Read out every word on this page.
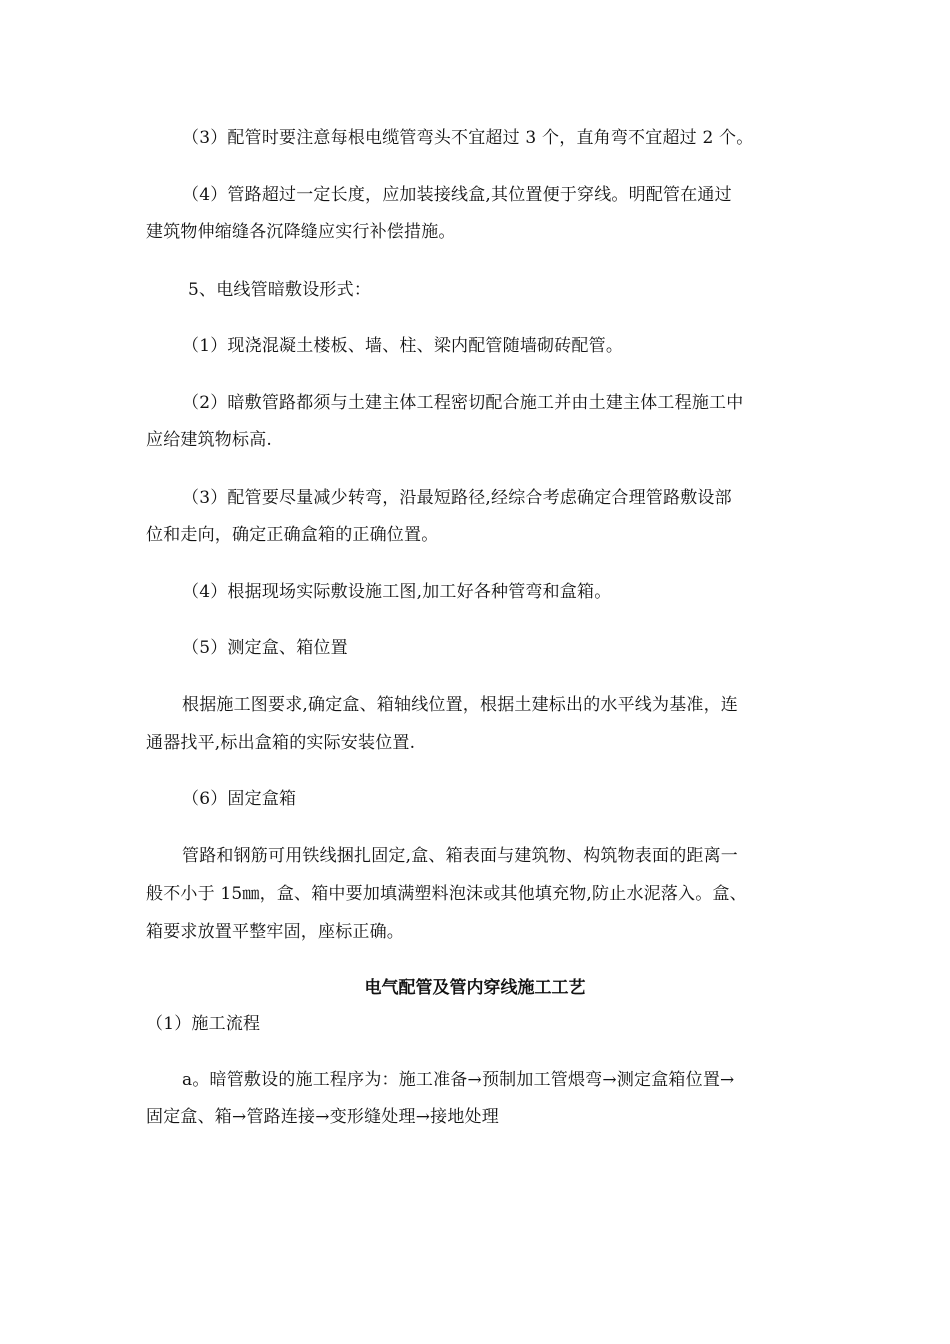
（3）配管时要注意每根电缆管弯头不宜超过 3 个，直角弯不宜超过 2 个。
（4）管路超过一定长度，应加装接线盒,其位置便于穿线。明配管在通过
建筑物伸缩缝各沉降缝应实行补偿措施。
5、电线管暗敷设形式：
（1）现浇混凝土楼板、墙、柱、梁内配管随墙砌砖配管。
（2）暗敷管路都须与土建主体工程密切配合施工并由土建主体工程施工中
应给建筑物标高.
（3）配管要尽量减少转弯，沿最短路径,经综合考虑确定合理管路敷设部
位和走向，确定正确盒箱的正确位置。
（4）根据现场实际敷设施工图,加工好各种管弯和盒箱。
（5）测定盒、箱位置
根据施工图要求,确定盒、箱轴线位置，根据土建标出的水平线为基准，连
通器找平,标出盒箱的实际安装位置.
（6）固定盒箱
管路和钢筋可用铁线捆扎固定,盒、箱表面与建筑物、构筑物表面的距离一
般不小于 15㎜，盒、箱中要加填满塑料泡沫或其他填充物,防止水泥落入。盒、
箱要求放置平整牢固，座标正确。
电气配管及管内穿线施工工艺
（1）施工流程
a。暗管敷设的施工程序为：施工准备→预制加工管煨弯→测定盒箱位置→
固定盒、箱→管路连接→变形缝处理→接地处理
